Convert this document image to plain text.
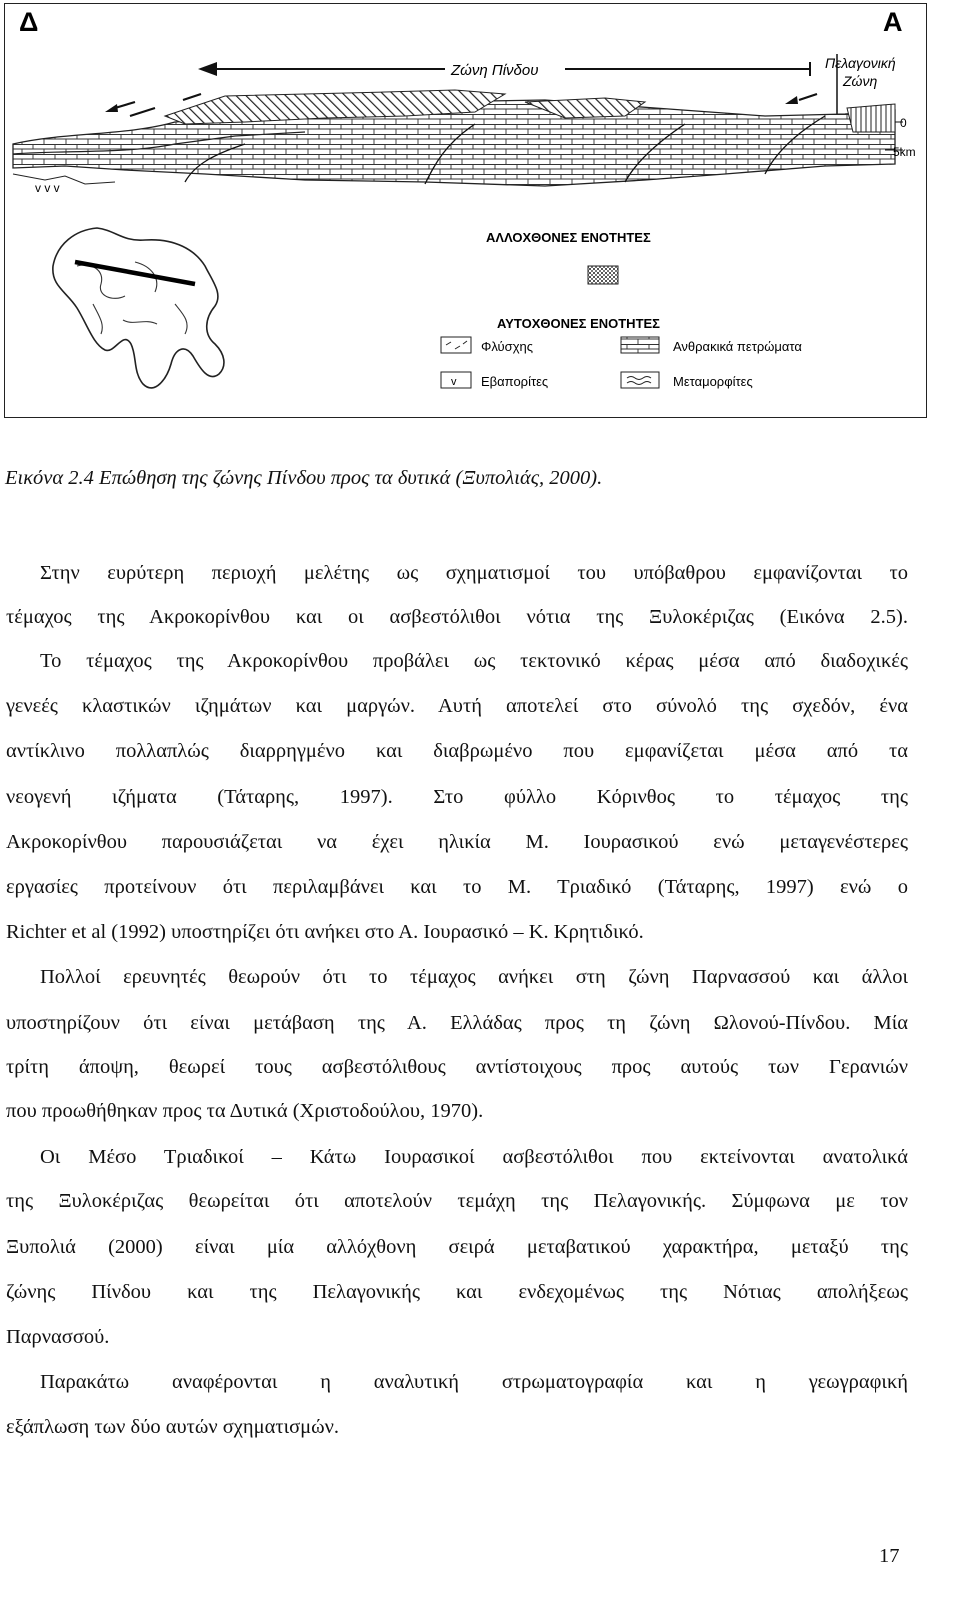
Δ	Α
Ζώνη Πίνδου	Πελαγονική
Ζώνη
v v v
0
5km
ΑΛΛΟΧΘΟΝΕΣ ΕΝΟΤΗΤΕΣ
ΑΥΤΟΧΘΟΝΕΣ ΕΝΟΤΗΤΕΣ
Φλύσχης	Ανθρακικά πετρώματα
v Εβαπορίτες	Μεταμορφίτες
Εικόνα 2.4 Επώθηση της ζώνης Πίνδου προς τα δυτικά (Ξυπολιάς, 2000).
Στην ευρύτερη περιοχή μελέτης ως σχηματισμοί του υπόβαθρου εμφανίζονται το
τέμαχος της Ακροκορίνθου και οι ασβεστόλιθοι νότια της Ξυλοκέριζας (Εικόνα 2.5).
Το τέμαχος της Ακροκορίνθου προβάλει ως τεκτονικό κέρας μέσα από διαδοχικές
γενεές κλαστικών ιζημάτων και μαργών. Αυτή αποτελεί στο σύνολό της σχεδόν, ένα
αντίκλινο πολλαπλώς διαρρηγμένο και διαβρωμένο που εμφανίζεται μέσα από τα
νεογενή ιζήματα (Τάταρης, 1997). Στο φύλλο Κόρινθος το τέμαχος της
Ακροκορίνθου παρουσιάζεται να έχει ηλικία Μ. Ιουρασικού ενώ μεταγενέστερες
εργασίες προτείνουν ότι περιλαμβάνει και το Μ. Τριαδικό (Τάταρης, 1997) ενώ ο
Richter et al (1992) υποστηρίζει ότι ανήκει στο Α. Ιουρασικό – Κ. Κρητιδικό.
Πολλοί ερευνητές θεωρούν ότι το τέμαχος ανήκει στη ζώνη Παρνασσού και άλλοι
υποστηρίζουν ότι είναι μετάβαση της Α. Ελλάδας προς τη ζώνη Ωλονού-Πίνδου. Μία
τρίτη άποψη, θεωρεί τους ασβεστόλιθους αντίστοιχους προς αυτούς των Γερανιών
που προωθήθηκαν προς τα Δυτικά (Χριστοδούλου, 1970).
Οι Μέσο Τριαδικοί – Κάτω Ιουρασικοί ασβεστόλιθοι που εκτείνονται ανατολικά
της Ξυλοκέριζας θεωρείται ότι αποτελούν τεμάχη της Πελαγονικής. Σύμφωνα με τον
Ξυπολιά (2000) είναι μία αλλόχθονη σειρά μεταβατικού χαρακτήρα, μεταξύ της
ζώνης Πίνδου και της Πελαγονικής και ενδεχομένως της Νότιας απολήξεως
Παρνασσού.
Παρακάτω αναφέρονται η αναλυτική στρωματογραφία και η γεωγραφική
εξάπλωση των δύο αυτών σχηματισμών.
17
